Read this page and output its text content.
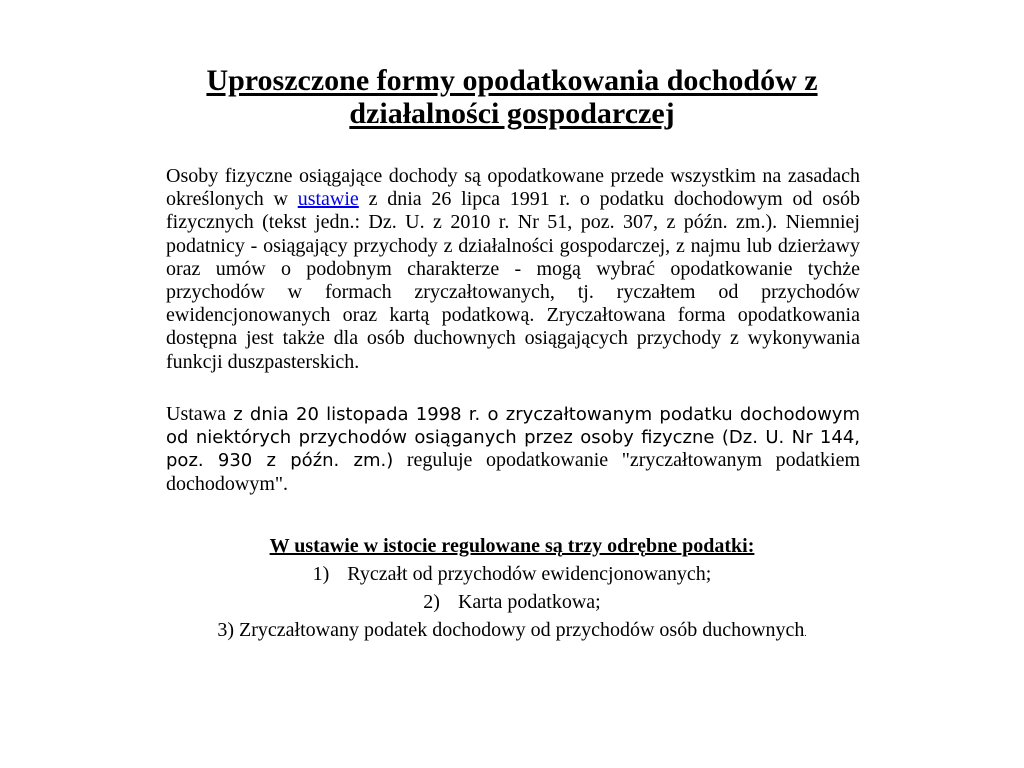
Uproszczone formy opodatkowania dochodów z działalności gospodarczej

Osoby fizyczne osiągające dochody są opodatkowane przede wszystkim na zasadach określonych w ustawie z dnia 26 lipca 1991 r. o podatku dochodowym od osób fizycznych (tekst jedn.: Dz. U. z 2010 r. Nr 51, poz. 307, z późn. zm.). Niemniej podatnicy - osiągający przychody z działalności gospodarczej, z najmu lub dzierżawy oraz umów o podobnym charakterze - mogą wybrać opodatkowanie tychże przychodów w formach zryczałtowanych, tj. ryczałtem od przychodów ewidencjonowanych oraz kartą podatkową. Zryczałtowana forma opodatkowania dostępna jest także dla osób duchownych osiągających przychody z wykonywania funkcji duszpasterskich.

Ustawa z dnia 20 listopada 1998 r. o zryczałtowanym podatku dochodowym od niektórych przychodów osiąganych przez osoby fizyczne (Dz. U. Nr 144, poz. 930 z późn. zm.) reguluje opodatkowanie "zryczałtowanym podatkiem dochodowym".

W ustawie w istocie regulowane są trzy odrębne podatki:
1) Ryczałt od przychodów ewidencjonowanych;
2) Karta podatkowa;
3) Zryczałtowany podatek dochodowy od przychodów osób duchownych.
